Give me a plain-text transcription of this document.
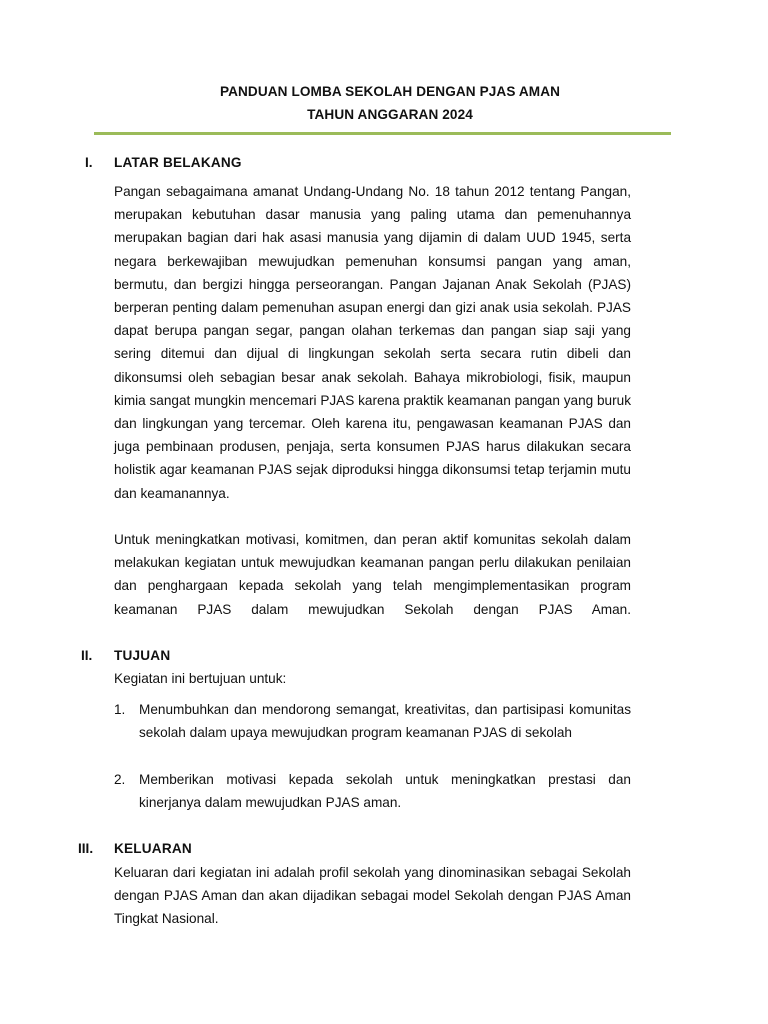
PANDUAN LOMBA SEKOLAH DENGAN PJAS AMAN
TAHUN ANGGARAN 2024
I. LATAR BELAKANG
Pangan sebagaimana amanat Undang-Undang No. 18 tahun 2012 tentang Pangan, merupakan kebutuhan dasar manusia yang paling utama dan pemenuhannya merupakan bagian dari hak asasi manusia yang dijamin di dalam UUD 1945, serta negara berkewajiban mewujudkan pemenuhan konsumsi pangan yang aman, bermutu, dan bergizi hingga perseorangan. Pangan Jajanan Anak Sekolah (PJAS) berperan penting dalam pemenuhan asupan energi dan gizi anak usia sekolah. PJAS dapat berupa pangan segar, pangan olahan terkemas dan pangan siap saji yang sering ditemui dan dijual di lingkungan sekolah serta secara rutin dibeli dan dikonsumsi oleh sebagian besar anak sekolah. Bahaya mikrobiologi, fisik, maupun kimia sangat mungkin mencemari PJAS karena praktik keamanan pangan yang buruk dan lingkungan yang tercemar. Oleh karena itu, pengawasan keamanan PJAS dan juga pembinaan produsen, penjaja, serta konsumen PJAS harus dilakukan secara holistik agar keamanan PJAS sejak diproduksi hingga dikonsumsi tetap terjamin mutu dan keamanannya.
Untuk meningkatkan motivasi, komitmen, dan peran aktif komunitas sekolah dalam melakukan kegiatan untuk mewujudkan keamanan pangan perlu dilakukan penilaian dan penghargaan kepada sekolah yang telah mengimplementasikan program keamanan PJAS dalam mewujudkan Sekolah dengan PJAS Aman.
II. TUJUAN
Kegiatan ini bertujuan untuk:
1. Menumbuhkan dan mendorong semangat, kreativitas, dan partisipasi komunitas sekolah dalam upaya mewujudkan program keamanan PJAS di sekolah
2. Memberikan motivasi kepada sekolah untuk meningkatkan prestasi dan kinerjanya dalam mewujudkan PJAS aman.
III. KELUARAN
Keluaran dari kegiatan ini adalah profil sekolah yang dinominasikan sebagai Sekolah dengan PJAS Aman dan akan dijadikan sebagai model Sekolah dengan PJAS Aman Tingkat Nasional.
